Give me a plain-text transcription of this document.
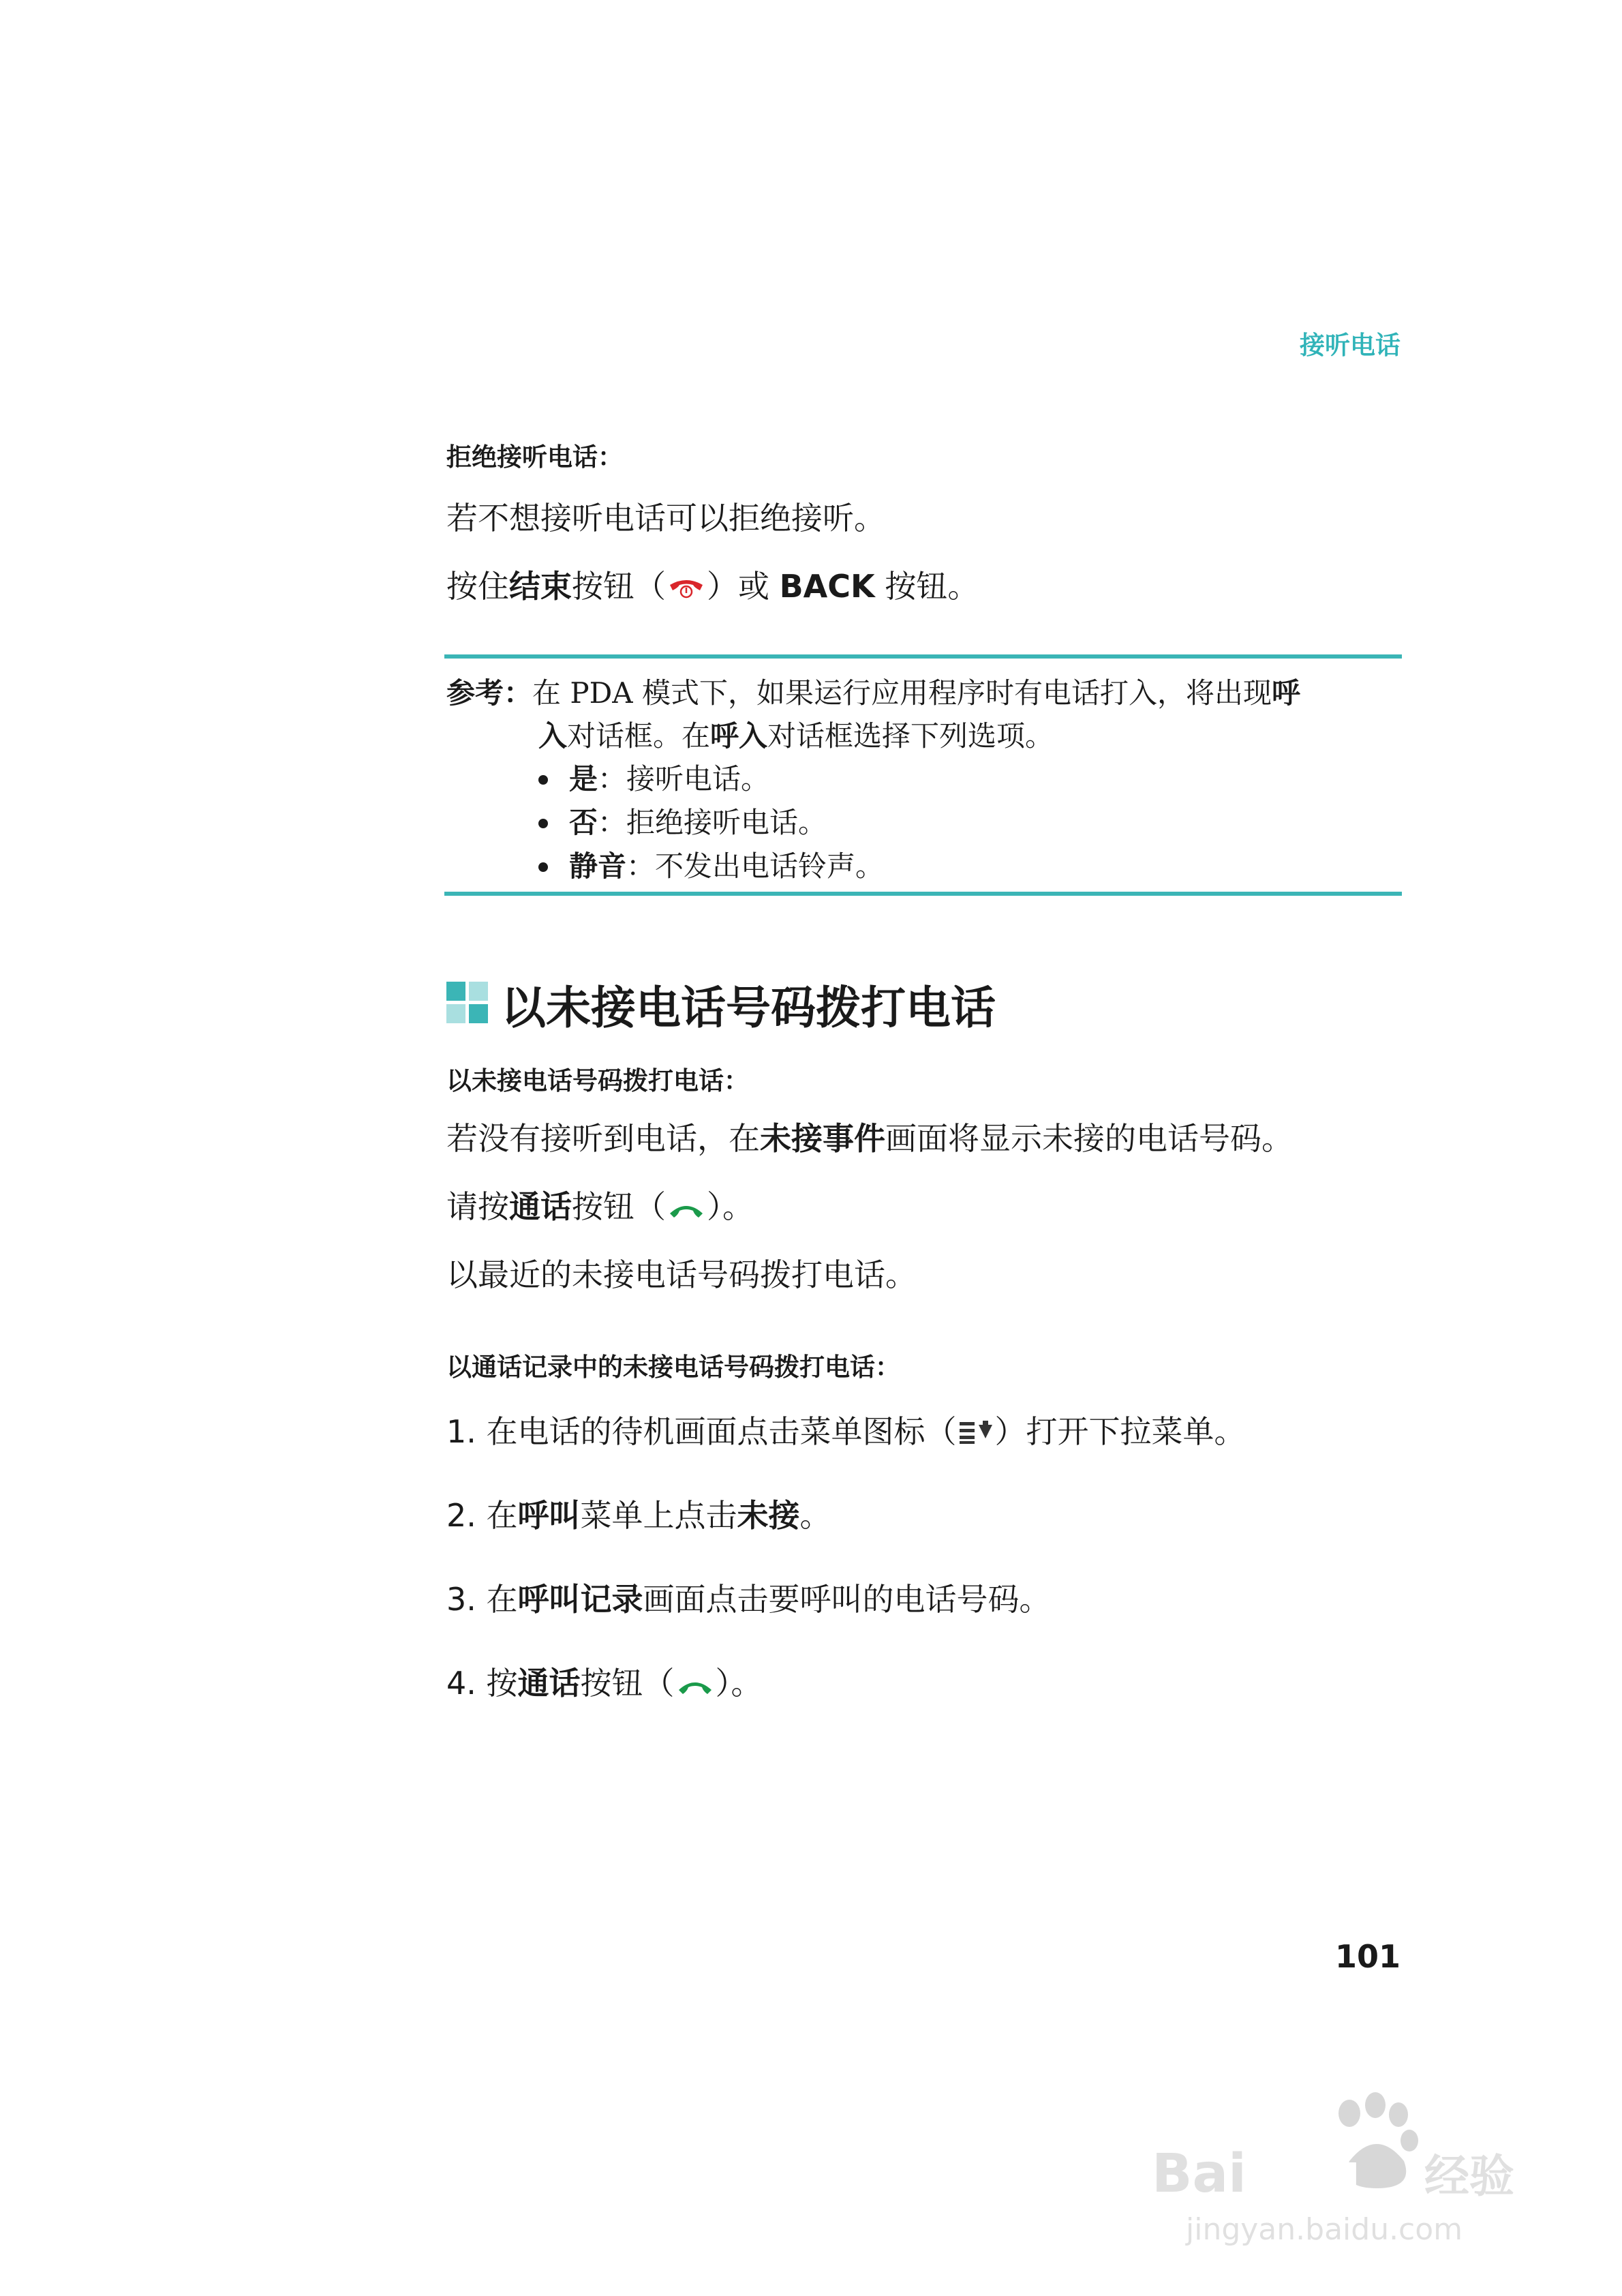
接听电话
拒绝接听电话：
若不想接听电话可以拒绝接听。
按住结束按钮（ ）或 BACK 按钮。
参考：在 PDA 模式下，如果运行应用程序时有电话打入，将出现呼
入对话框。在呼入对话框选择下列选项。
是：接听电话。
否：拒绝接听电话。
静音：不发出电话铃声。
以未接电话号码拨打电话
以未接电话号码拨打电话：
若没有接听到电话，在未接事件画面将显示未接的电话号码。
请按通话按钮（ ）。
以最近的未接电话号码拨打电话。
以通话记录中的未接电话号码拨打电话：
1. 在电话的待机画面点击菜单图标（ ）打开下拉菜单。
2. 在呼叫菜单上点击未接。
3. 在呼叫记录画面点击要呼叫的电话号码。
4. 按通话按钮（ ）。
101
Bai du 经验
jingyan.baidu.com
